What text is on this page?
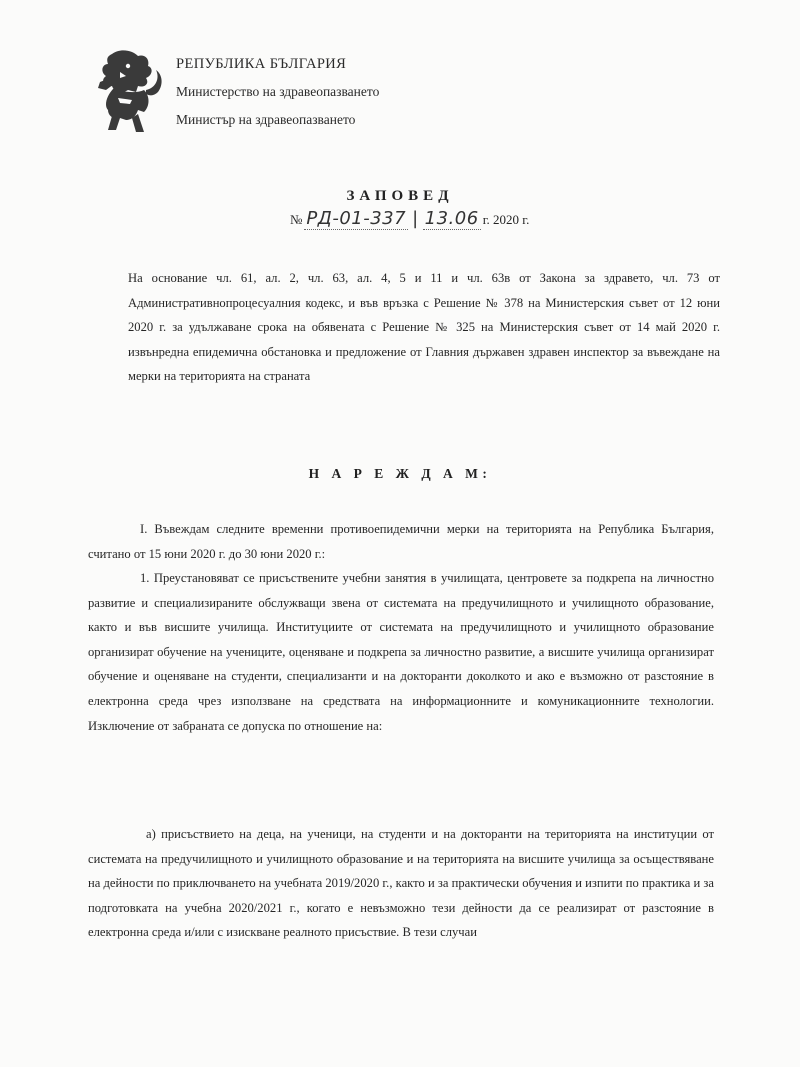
РЕПУБЛИКА БЪЛГАРИЯ
Министерство на здравеопазването
Министър на здравеопазването
ЗАПОВЕД
№ РД-01-337 | 13.06 г. 2020 г.

На основание чл. 61, ал. 2, чл. 63, ал. 4, 5 и 11 и чл. 63в от Закона за здравето, чл. 73 от Административнопроцесуалния кодекс, и във връзка с Решение № 378 на Министерския съвет от 12 юни 2020 г. за удължаване срока на обявената с Решение № 325 на Министерския съвет от 14 май 2020 г. извънредна епидемична обстановка и предложение от Главния държавен здравен инспектор за въвеждане на мерки на територията на страната

Н А Р Е Ж Д А М:

I. Въвеждам следните временни противоепидемични мерки на територията на Република България, считано от 15 юни 2020 г. до 30 юни 2020 г.:

1. Преустановяват се присъствените учебни занятия в училищата, центровете за подкрепа на личностно развитие и специализираните обслужващи звена от системата на предучилищното и училищното образование, както и във висшите училища. Институциите от системата на предучилищното и училищното образование организират обучение на учениците, оценяване и подкрепа за личностно развитие, а висшите училища организират обучение и оценяване на студенти, специализанти и на докторанти доколкото и ако е възможно от разстояние в електронна среда чрез използване на средствата на информационните и комуникационните технологии. Изключение от забраната се допуска по отношение на:

а) присъствието на деца, на ученици, на студенти и на докторанти на територията на институции от системата на предучилищното и училищното образование и на територията на висшите училища за осъществяване на дейности по приключването на учебната 2019/2020 г., както и за практически обучения и изпити по практика и за подготовката на учебна 2020/2021 г., когато е невъзможно тези дейности да се реализират от разстояние в електронна среда и/или с изискване реалното присъствие. В тези случаи
